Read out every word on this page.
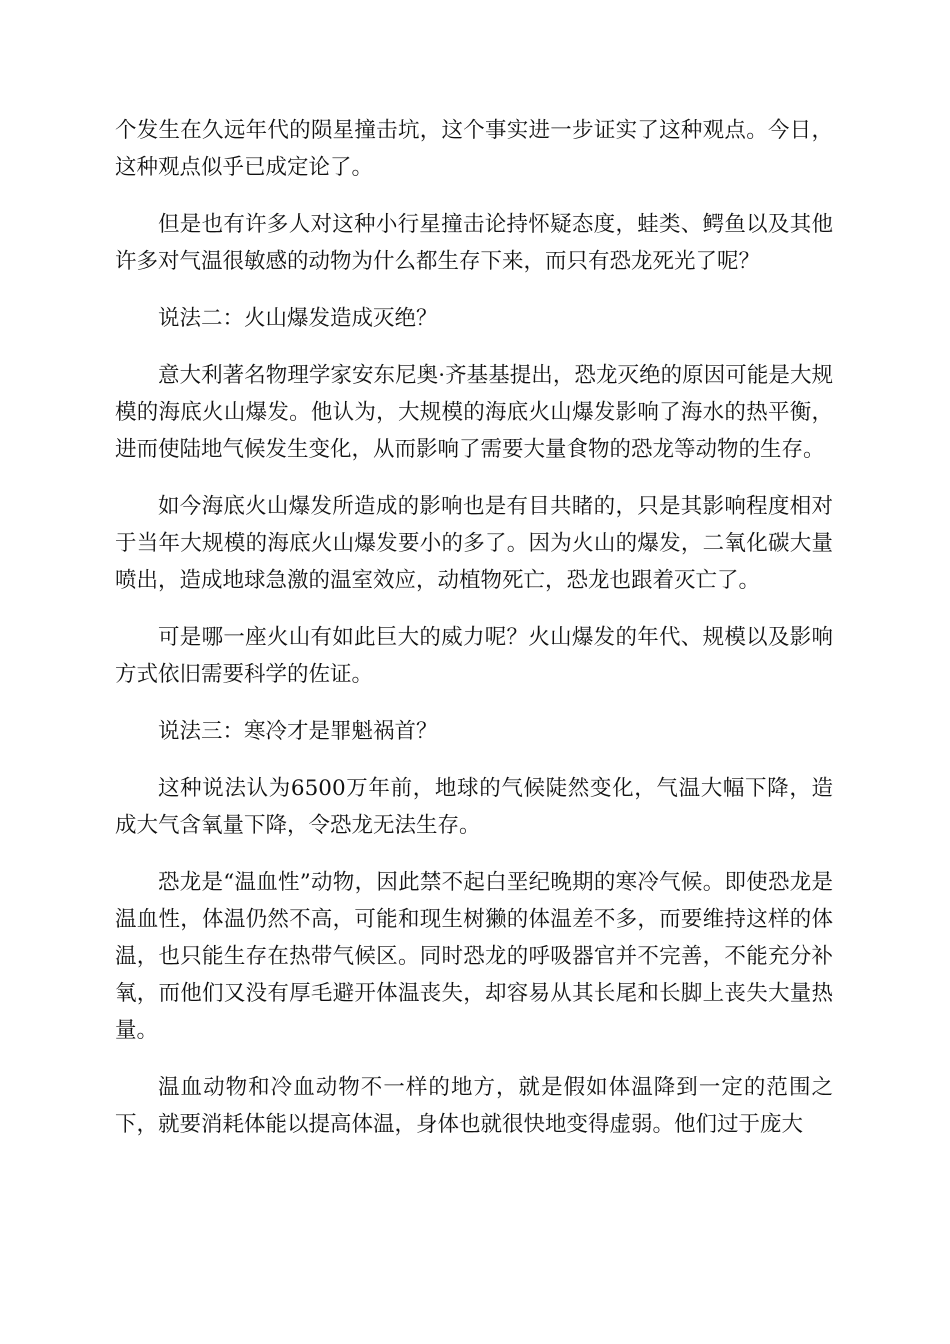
个发生在久远年代的陨星撞击坑，这个事实进一步证实了这种观点。今日，这种观点似乎已成定论了。

但是也有许多人对这种小行星撞击论持怀疑态度，蛙类、鳄鱼以及其他许多对气温很敏感的动物为什么都生存下来，而只有恐龙死光了呢？

说法二：火山爆发造成灭绝？

意大利著名物理学家安东尼奥·齐基基提出，恐龙灭绝的原因可能是大规模的海底火山爆发。他认为，大规模的海底火山爆发影响了海水的热平衡，进而使陆地气候发生变化，从而影响了需要大量食物的恐龙等动物的生存。

如今海底火山爆发所造成的影响也是有目共睹的，只是其影响程度相对于当年大规模的海底火山爆发要小的多了。因为火山的爆发，二氧化碳大量喷出，造成地球急激的温室效应，动植物死亡，恐龙也跟着灭亡了。

可是哪一座火山有如此巨大的威力呢？火山爆发的年代、规模以及影响方式依旧需要科学的佐证。

说法三：寒冷才是罪魁祸首？

这种说法认为6500万年前，地球的气候陡然变化，气温大幅下降，造成大气含氧量下降，令恐龙无法生存。

恐龙是“温血性”动物，因此禁不起白垩纪晚期的寒冷气候。即使恐龙是温血性，体温仍然不高，可能和现生树獭的体温差不多，而要维持这样的体温，也只能生存在热带气候区。同时恐龙的呼吸器官并不完善，不能充分补氧，而他们又没有厚毛避开体温丧失，却容易从其长尾和长脚上丧失大量热量。

温血动物和冷血动物不一样的地方，就是假如体温降到一定的范围之下，就要消耗体能以提高体温，身体也就很快地变得虚弱。他们过于庞大
